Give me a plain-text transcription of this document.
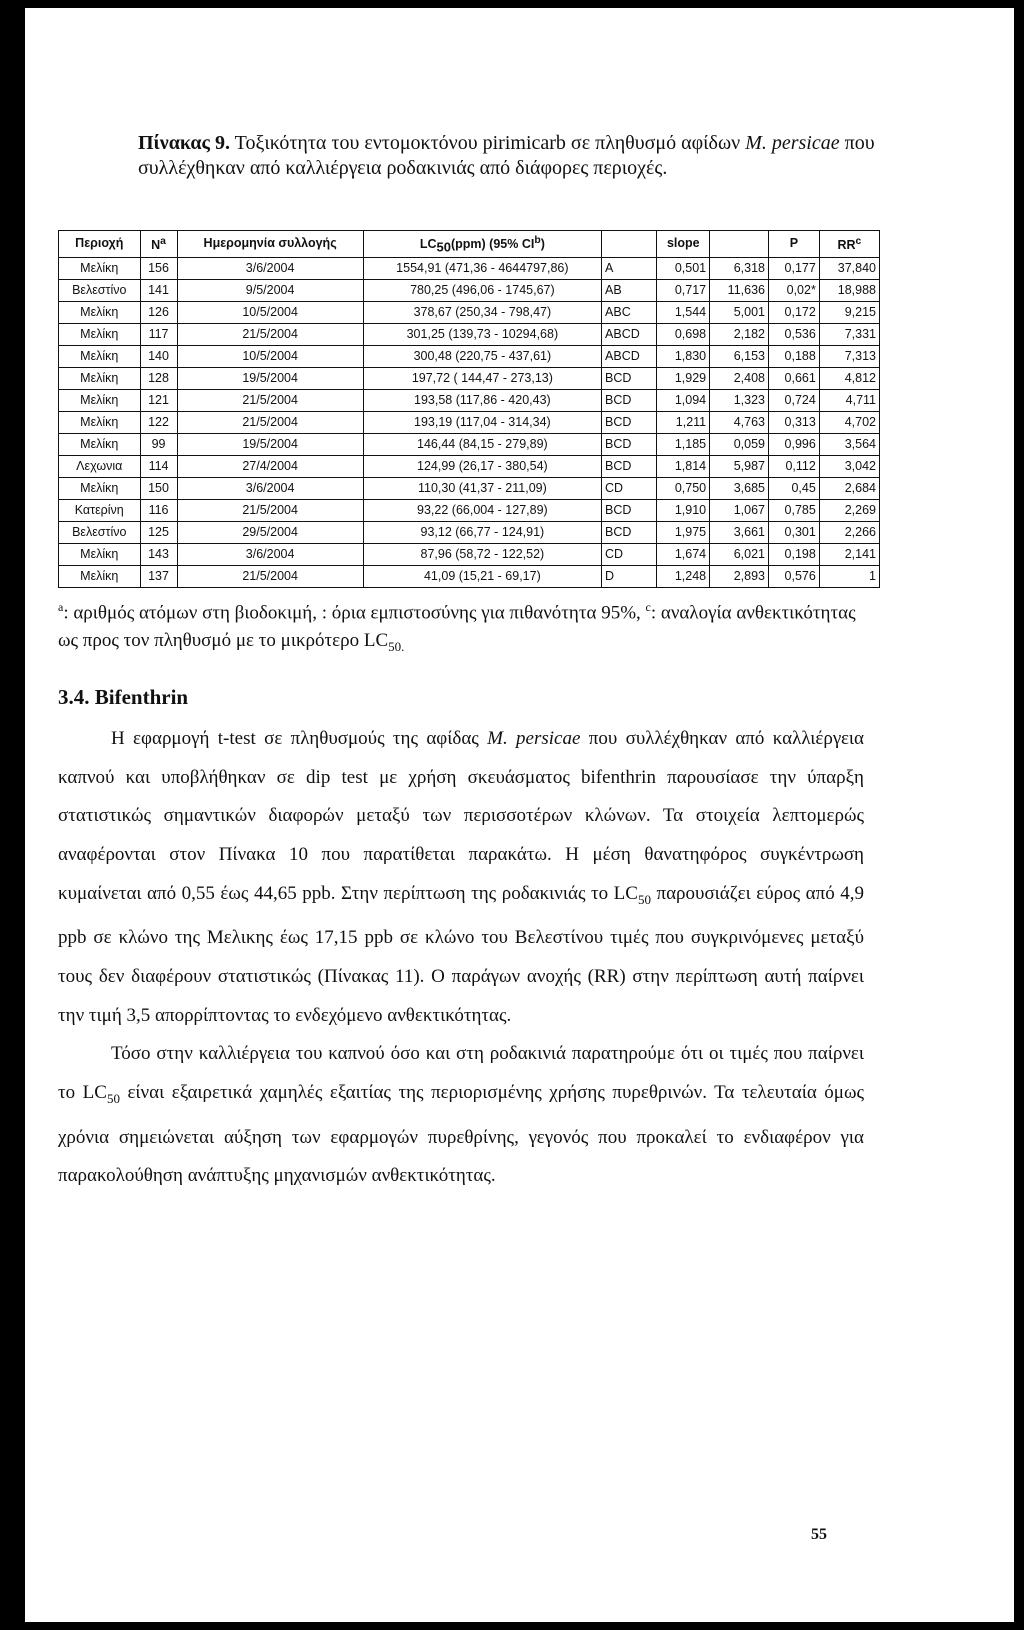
Πίνακας 9. Τοξικότητα του εντομοκτόνου pirimicarb σε πληθυσμό αφίδων M. persicae που συλλέχθηκαν από καλλιέργεια ροδακινιάς από διάφορες περιοχές.
Περιοχή	$N^a$	Ημερομηνία συλλογής	$LC_{50}(ppm)$ (95% $CI^b$)		slope		P	$RR^c$
Μελίκη	156	3/6/2004	1554,91 (471,36 - 4644797,86)	A	0,501	6,318	0,177	37,840
Βελεστίνο	141	9/5/2004	780,25 (496,06 - 1745,67)	AB	0,717	11,636	0,02*	18,988
Μελίκη	126	10/5/2004	378,67 (250,34 - 798,47)	ABC	1,544	5,001	0,172	9,215
Μελίκη	117	21/5/2004	301,25 (139,73 - 10294,68)	ABCD	0,698	2,182	0,536	7,331
Μελίκη	140	10/5/2004	300,48 (220,75 - 437,61)	ABCD	1,830	6,153	0,188	7,313
Μελίκη	128	19/5/2004	197,72 ( 144,47 - 273,13)	BCD	1,929	2,408	0,661	4,812
Μελίκη	121	21/5/2004	193,58 (117,86 - 420,43)	BCD	1,094	1,323	0,724	4,711
Μελίκη	122	21/5/2004	193,19 (117,04 - 314,34)	BCD	1,211	4,763	0,313	4,702
Μελίκη	99	19/5/2004	146,44 (84,15 - 279,89)	BCD	1,185	0,059	0,996	3,564
Λεχωνια	114	27/4/2004	124,99 (26,17 - 380,54)	BCD	1,814	5,987	0,112	3,042
Μελίκη	150	3/6/2004	110,30 (41,37 - 211,09)	CD	0,750	3,685	0,45	2,684
Κατερίνη	116	21/5/2004	93,22 (66,004 - 127,89)	BCD	1,910	1,067	0,785	2,269
Βελεστίνο	125	29/5/2004	93,12 (66,77 - 124,91)	BCD	1,975	3,661	0,301	2,266
Μελίκη	143	3/6/2004	87,96 (58,72 - 122,52)	CD	1,674	6,021	0,198	2,141
Μελίκη	137	21/5/2004	41,09 (15,21 - 69,17)	D	1,248	2,893	0,576	1
$^a$: αριθμός ατόμων στη βιοδοκιμή, : όρια εμπιστοσύνης για πιθανότητα 95%, $^c$: αναλογία ανθεκτικότητας ως προς τον πληθυσμό με το μικρότερο $LC_{50.}$
3.4. Bifenthrin

Η εφαρμογή t-test σε πληθυσμούς της αφίδας M. persicae που συλλέχθηκαν από καλλιέργεια καπνού και υποβλήθηκαν σε dip test με χρήση σκευάσματος bifenthrin παρουσίασε την ύπαρξη στατιστικώς σημαντικών διαφορών μεταξύ των περισσοτέρων κλώνων. Τα στοιχεία λεπτομερώς αναφέρονται στον Πίνακα 10 που παρατίθεται παρακάτω. Η μέση θανατηφόρος συγκέντρωση κυμαίνεται από 0,55 έως 44,65 ppb. Στην περίπτωση της ροδακινιάς το $LC_{50}$ παρουσιάζει εύρος από 4,9 ppb σε κλώνο της Μελικης έως 17,15 ppb σε κλώνο του Βελεστίνου τιμές που συγκρινόμενες μεταξύ τους δεν διαφέρουν στατιστικώς (Πίνακας 11). Ο παράγων ανοχής (RR) στην περίπτωση αυτή παίρνει την τιμή 3,5 απορρίπτοντας το ενδεχόμενο ανθεκτικότητας.

Τόσο στην καλλιέργεια του καπνού όσο και στη ροδακινιά παρατηρούμε ότι οι τιμές που παίρνει το $LC_{50}$ είναι εξαιρετικά χαμηλές εξαιτίας της περιορισμένης χρήσης πυρεθρινών. Τα τελευταία όμως χρόνια σημειώνεται αύξηση των εφαρμογών πυρεθρίνης, γεγονός που προκαλεί το ενδιαφέρον για παρακολούθηση ανάπτυξης μηχανισμών ανθεκτικότητας.

55
